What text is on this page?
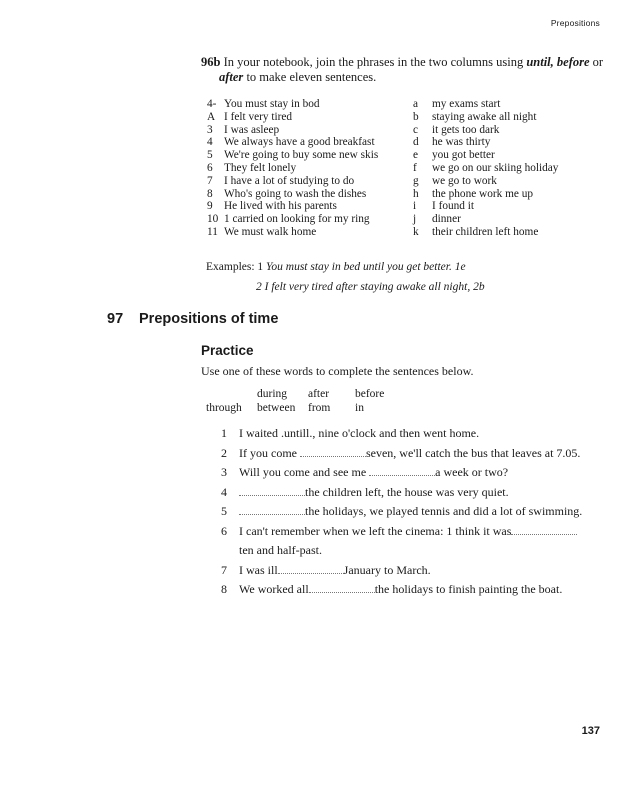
Prepositions
96b In your notebook, join the phrases in the two columns using until, before or
after to make eleven sentences.
4- You must stay in bod	a	my exams start
A I felt very tired	b	staying awake all night
3	I was asleep	c	it gets too dark
4	We always have a good breakfast	d	he was thirty
5	We're going to buy some new skis	e	you got better
6	They felt lonely	f	we go on our skiing holiday
7	I have a lot of studying to do	g	we go to work
8	Who's going to wash the dishes	h	the phone work me up
9	He lived with his parents	i	I found it
10 1 carried on looking for my ring	j	dinner
11 We must walk home	k	their children left home
Examples: 1 You must stay in bed until you get better. 1e
2 I felt very tired after staying awake all night, 2b
97 Prepositions of time
Practice
Use one of these words to complete the sentences below.
during	after	before
through	between	from	in
1	I waited .untill., nine o'clock and then went home.
2	If you come	seven, we'll catch the bus that leaves at 7.05.
3	Will you come and see me	a week or two?
4	the children left, the house was very quiet.
5	the holidays, we played tennis and did a lot of swimming.
6	I can't remember when we left the cinema: 1 think it was
ten and half-past.
7	I was ill	January to March.
8	We worked all	the holidays to finish painting the boat.
137
